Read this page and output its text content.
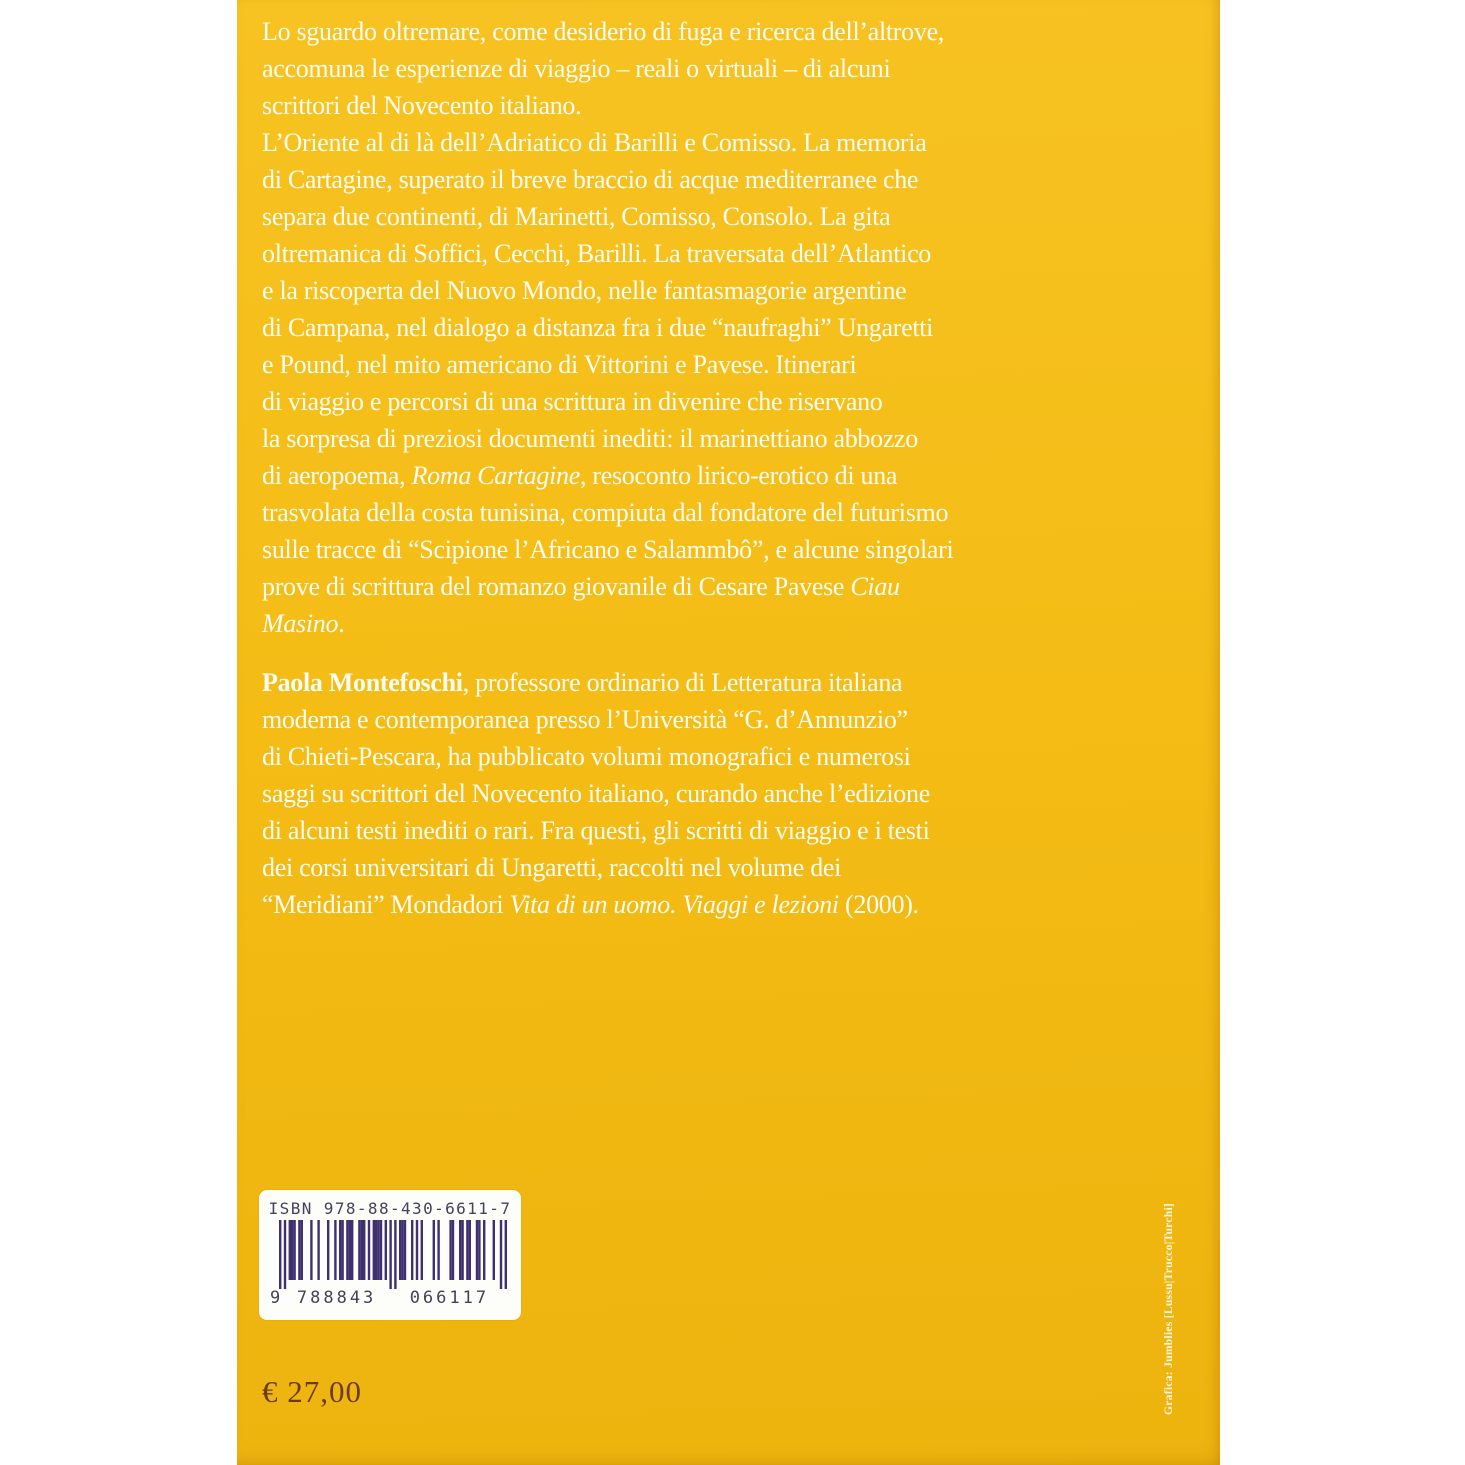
Lo sguardo oltremare, come desiderio di fuga e ricerca dell’altrove,
accomuna le esperienze di viaggio – reali o virtuali – di alcuni
scrittori del Novecento italiano.
L’Oriente al di là dell’Adriatico di Barilli e Comisso. La memoria
di Cartagine, superato il breve braccio di acque mediterranee che
separa due continenti, di Marinetti, Comisso, Consolo. La gita
oltremanica di Soffici, Cecchi, Barilli. La traversata dell’Atlantico
e la riscoperta del Nuovo Mondo, nelle fantasmagorie argentine
di Campana, nel dialogo a distanza fra i due “naufraghi” Ungaretti
e Pound, nel mito americano di Vittorini e Pavese. Itinerari
di viaggio e percorsi di una scrittura in divenire che riservano
la sorpresa di preziosi documenti inediti: il marinettiano abbozzo
di aeropoema, Roma Cartagine, resoconto lirico-erotico di una
trasvolata della costa tunisina, compiuta dal fondatore del futurismo
sulle tracce di “Scipione l’Africano e Salammbô”, e alcune singolari
prove di scrittura del romanzo giovanile di Cesare Pavese Ciau
Masino.
Paola Montefoschi, professore ordinario di Letteratura italiana
moderna e contemporanea presso l’Università “G. d’Annunzio”
di Chieti-Pescara, ha pubblicato volumi monografici e numerosi
saggi su scrittori del Novecento italiano, curando anche l’edizione
di alcuni testi inediti o rari. Fra questi, gli scritti di viaggio e i testi
dei corsi universitari di Ungaretti, raccolti nel volume dei
“Meridiani” Mondadori Vita di un uomo. Viaggi e lezioni (2000).
ISBN 978-88-430-6611-7
9 788843 066117
€ 27,00	Grafica: Jumblies [Lussu|Trucco|Turchi]
